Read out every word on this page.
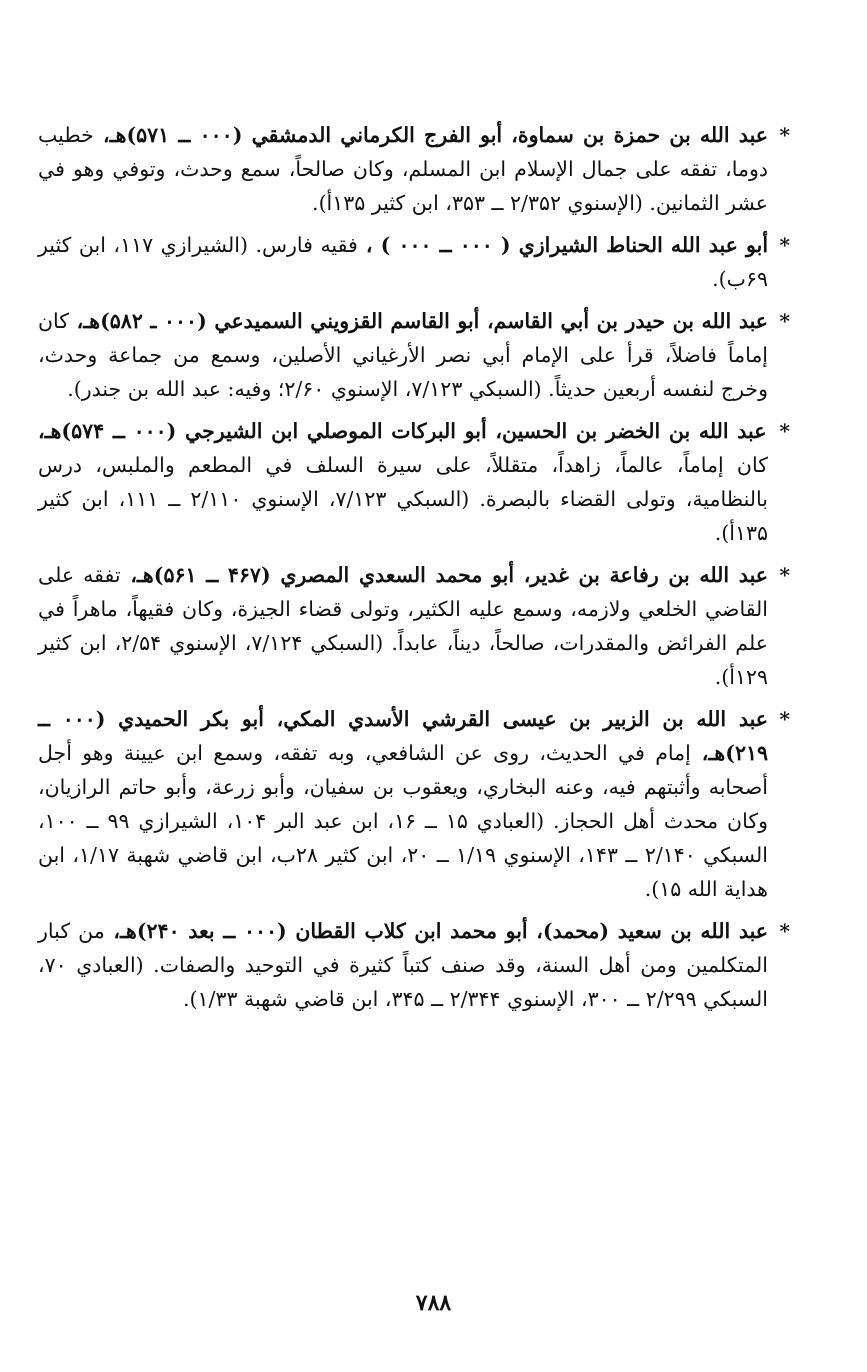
*
عبد الله بن حمزة بن سماوة، أبو الفرج الكرماني الدمشقي (۰۰۰ ــ ۵۷۱)هـ، خطيب دوما، تفقه على جمال الإسلام ابن المسلم، وكان صالحاً، سمع وحدث، وتوفي وهو في عشر الثمانين. (الإسنوي ۲/۳۵۲ ــ ۳۵۳، ابن كثير ۱۳۵أ).

*
أبو عبد الله الحناط الشيرازي ( ۰۰۰ ــ ۰۰۰ ) ، فقيه فارس. (الشيرازي ۱۱۷، ابن كثير ۶۹ب).

*
عبد الله بن حيدر بن أبي القاسم، أبو القاسم القزويني السميدعي (۰۰۰ ـ ۵۸۲)هـ، كان إماماً فاضلاً، قرأ على الإمام أبي نصر الأرغياني الأصلين، وسمع من جماعة وحدث، وخرج لنفسه أربعين حديثاً. (السبكي ۷/۱۲۳، الإسنوي ۲/۶۰؛ وفيه: عبد الله بن جندر).

*
عبد الله بن الخضر بن الحسين، أبو البركات الموصلي ابن الشيرجي (۰۰۰ ــ ۵۷۴)هـ، كان إماماً، عالماً، زاهداً، متقللاً، على سيرة السلف في المطعم والملبس، درس بالنظامية، وتولى القضاء بالبصرة. (السبكي ۷/۱۲۳، الإسنوي ۲/۱۱۰ ــ ۱۱۱، ابن كثير ۱۳۵أ).

*
عبد الله بن رفاعة بن غدير، أبو محمد السعدي المصري (۴۶۷ ــ ۵۶۱)هـ، تفقه على القاضي الخلعي ولازمه، وسمع عليه الكثير، وتولى قضاء الجيزة، وكان فقيهاً، ماهراً في علم الفرائض والمقدرات، صالحاً، ديناً، عابداً. (السبكي ۷/۱۲۴، الإسنوي ۲/۵۴، ابن كثير ۱۲۹أ).

*
عبد الله بن الزبير بن عيسى القرشي الأسدي المكي، أبو بكر الحميدي (۰۰۰ ــ ۲۱۹)هـ، إمام في الحديث، روى عن الشافعي، وبه تفقه، وسمع ابن عيينة وهو أجل أصحابه وأثبتهم فيه، وعنه البخاري، ويعقوب بن سفيان، وأبو زرعة، وأبو حاتم الرازيان، وكان محدث أهل الحجاز. (العبادي ۱۵ ــ ۱۶، ابن عبد البر ۱۰۴، الشيرازي ۹۹ ــ ۱۰۰، السبكي ۲/۱۴۰ ــ ۱۴۳، الإسنوي ۱/۱۹ ــ ۲۰، ابن كثير ۲۸ب، ابن قاضي شهبة ۱/۱۷، ابن هداية الله ۱۵).

*
عبد الله بن سعيد (محمد)، أبو محمد ابن كلاب القطان (۰۰۰ ــ بعد ۲۴۰)هـ، من كبار المتكلمين ومن أهل السنة، وقد صنف كتباً كثيرة في التوحيد والصفات. (العبادي ۷۰، السبكي ۲/۲۹۹ ــ ۳۰۰، الإسنوي ۲/۳۴۴ ــ ۳۴۵، ابن قاضي شهبة ۱/۳۳).

۷۸۸
